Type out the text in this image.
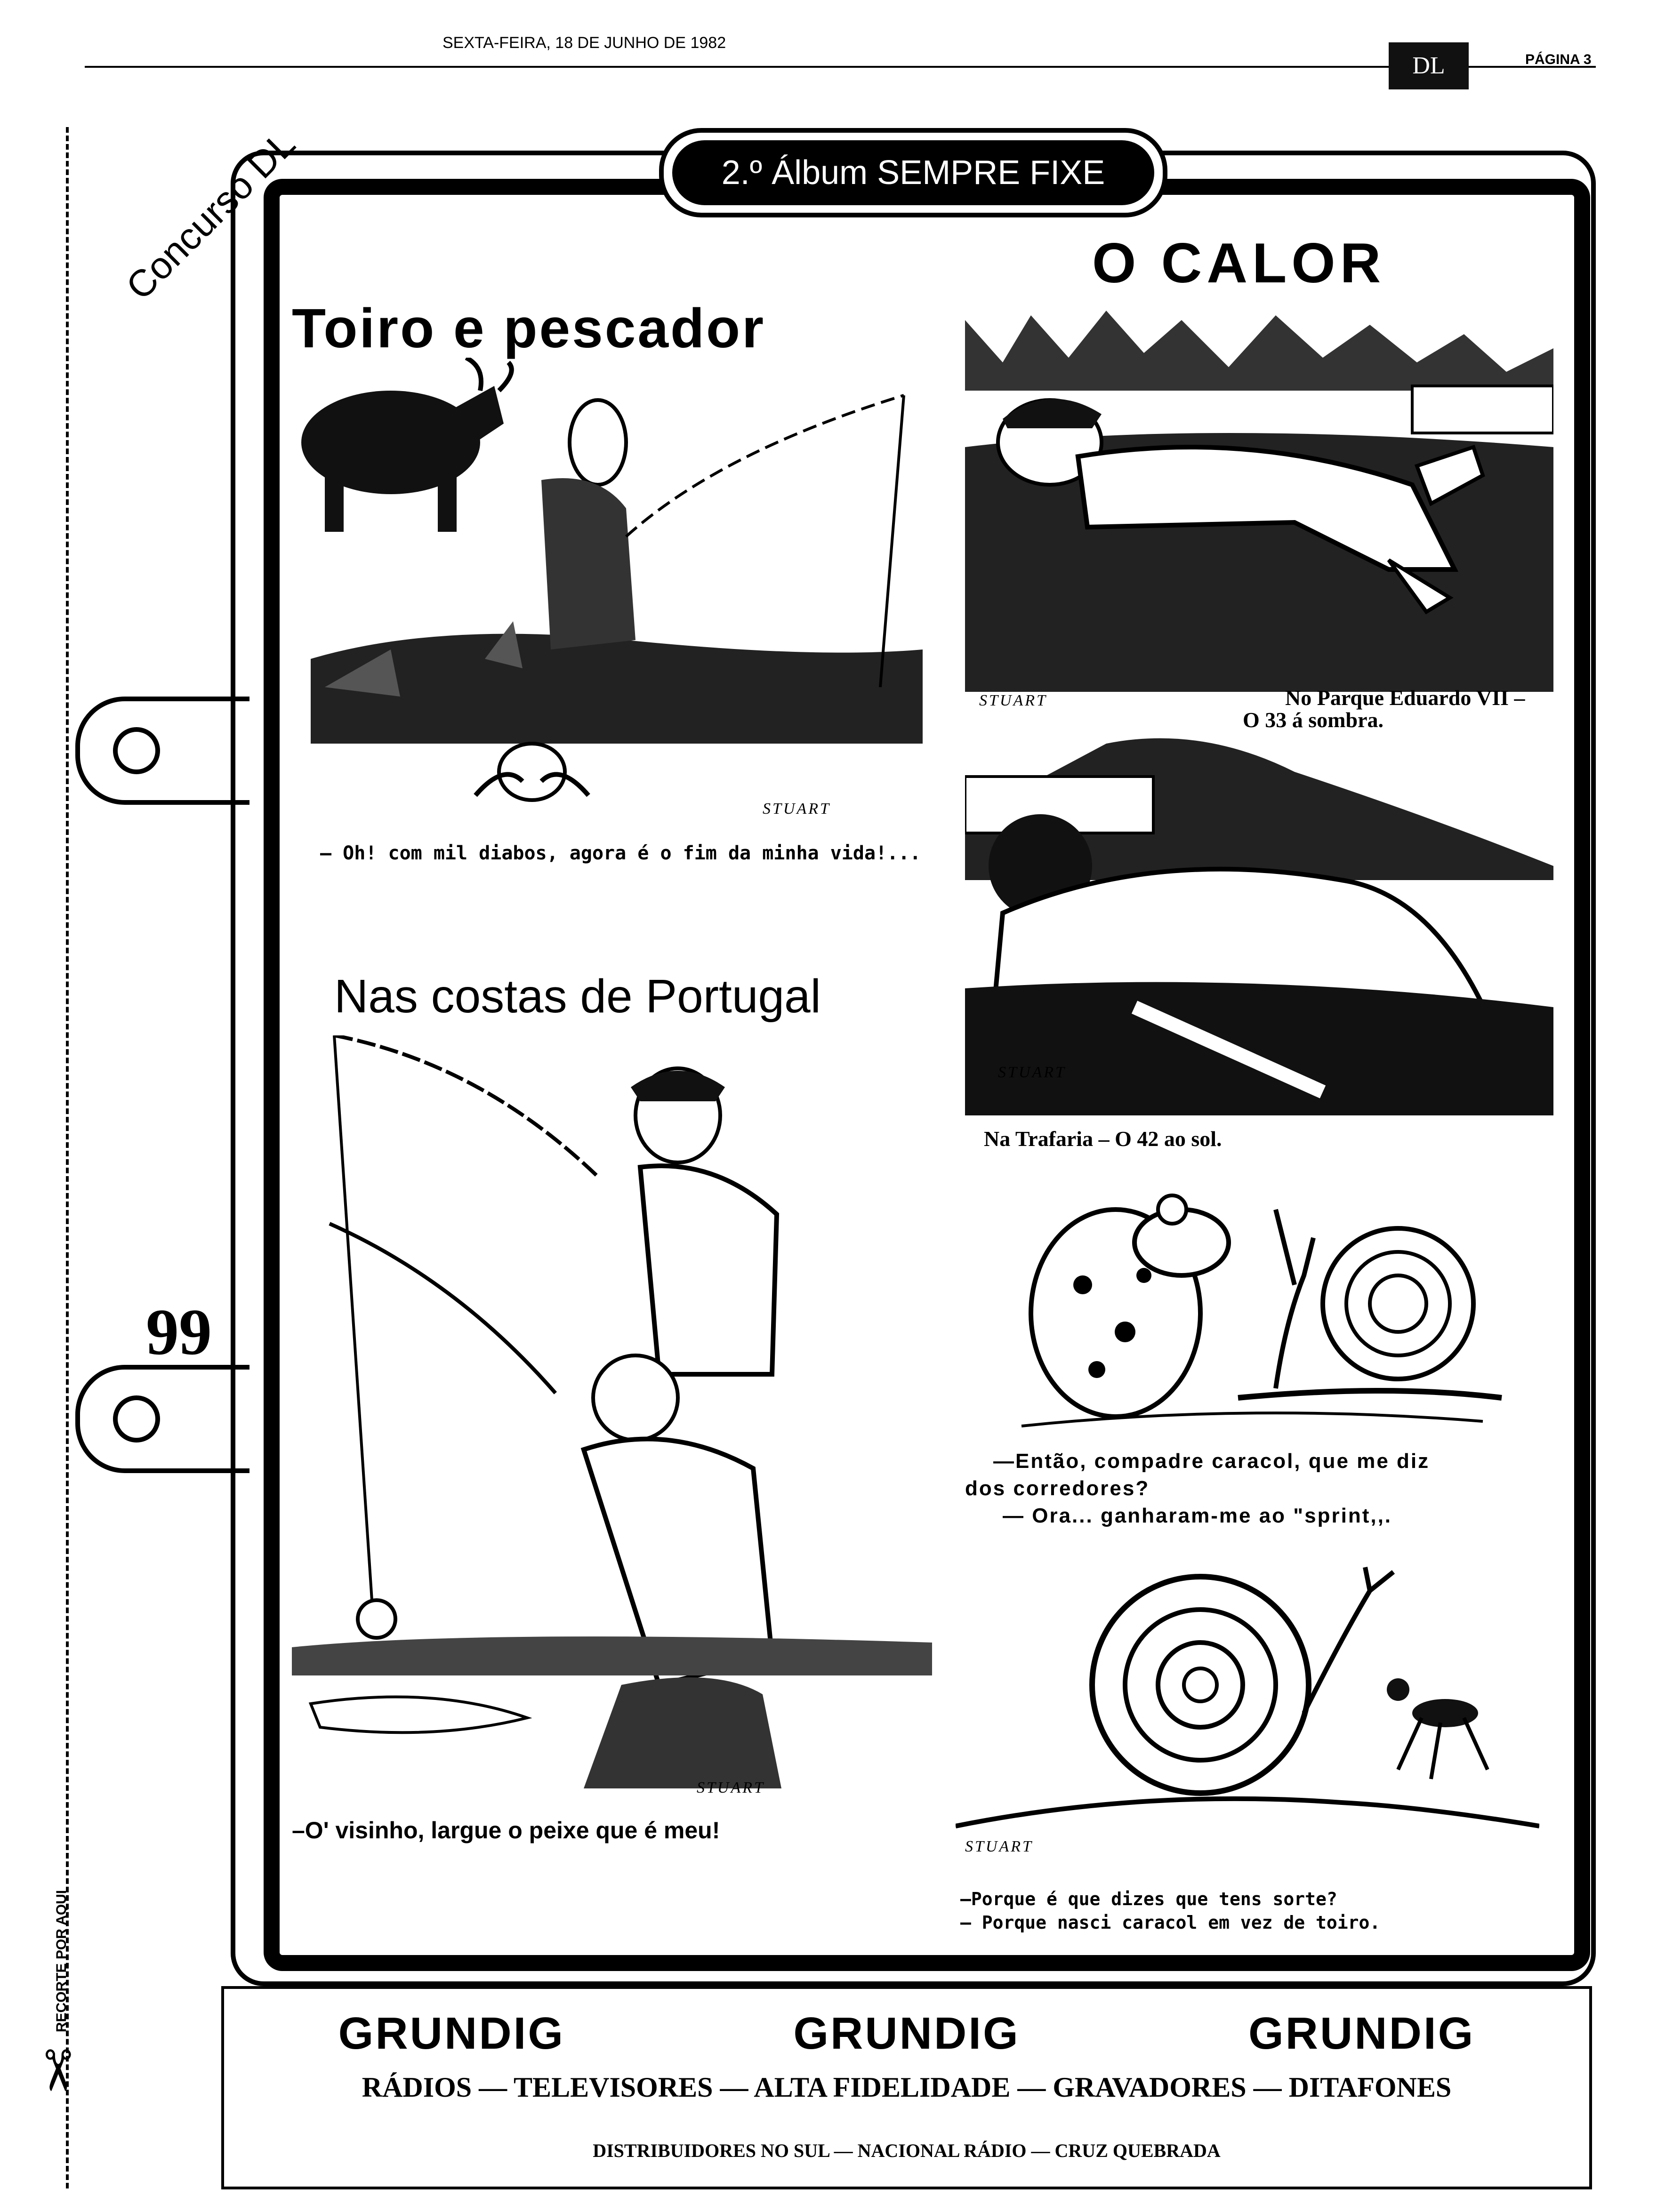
SEXTA-FEIRA, 18 DE JUNHO DE 1982
DL	PÁGINA 3
RECORTE POR AQUI
✂
Concurso DL
99
2.º Álbum SEMPRE FIXE
Toiro e pescador
STUART
— Oh! com mil diabos, agora é o fim da minha vida!...
Nas costas de Portugal
STUART
–O' visinho, largue o peixe que é meu!
O CALOR
STUART	No Parque Eduardo VII –
O 33 á sombra.
STUART
Na Trafaria – O 42 ao sol.
—Então, compadre caracol, que me diz
dos corredores?
— Ora... ganharam-me ao "sprint,,.
STUART
—Porque é que dizes que tens sorte?
— Porque nasci caracol em vez de toiro.
GRUNDIG	GRUNDIG	GRUNDIG
RÁDIOS — TELEVISORES — ALTA FIDELIDADE — GRAVADORES — DITAFONES
DISTRIBUIDORES NO SUL — NACIONAL RÁDIO — CRUZ QUEBRADA
